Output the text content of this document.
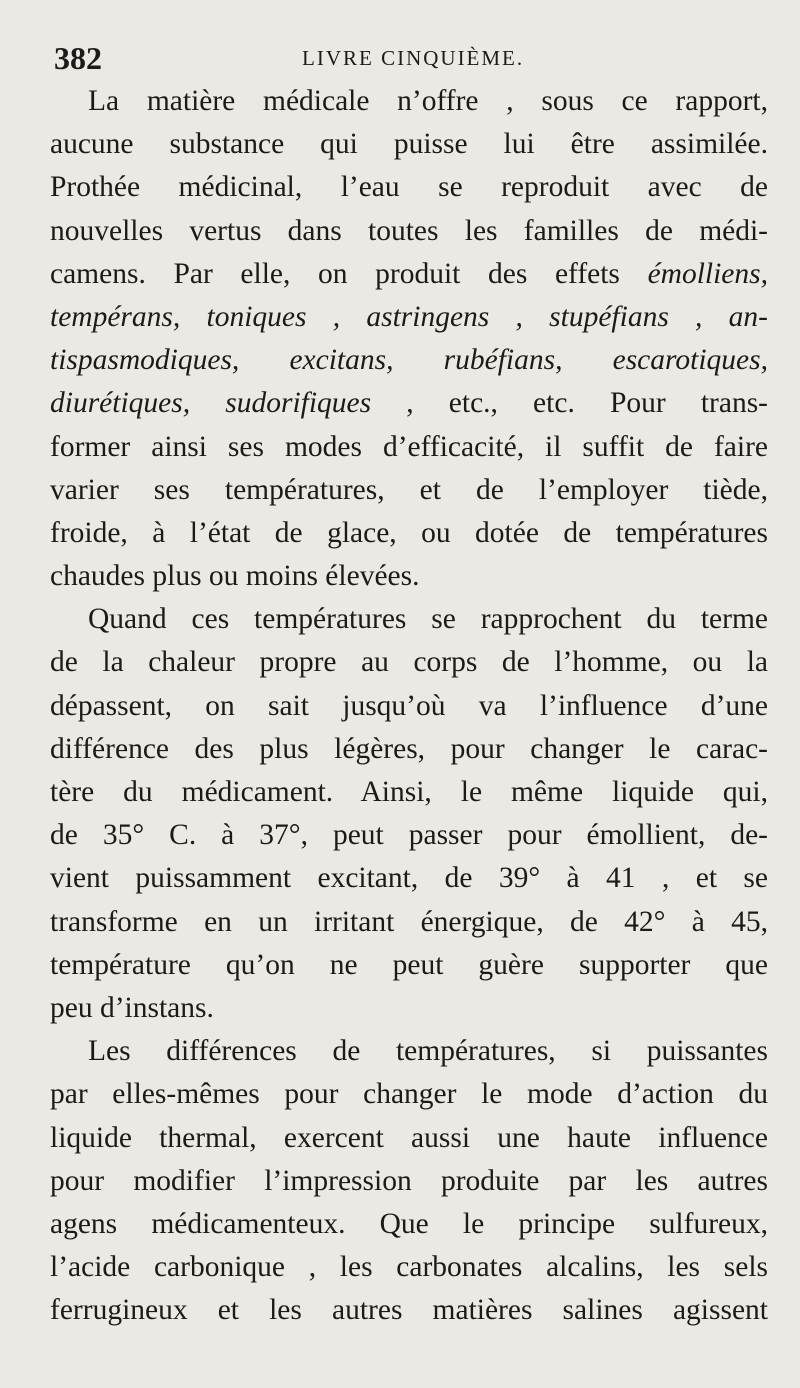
382	LIVRE CINQUIÈME.

La matière médicale n’offre , sous ce rapport,
aucune substance qui puisse lui être assimilée.
Prothée médicinal, l’eau se reproduit avec de
nouvelles vertus dans toutes les familles de médi-
camens. Par elle, on produit des effets émolliens,
tempérans, toniques , astringens , stupéfians , an-
tispasmodiques, excitans, rubéfians, escarotiques,
diurétiques, sudorifiques , etc., etc. Pour trans-
former ainsi ses modes d’efficacité, il suffit de faire
varier ses températures, et de l’employer tiède,
froide, à l’état de glace, ou dotée de températures
chaudes plus ou moins élevées.

Quand ces températures se rapprochent du terme
de la chaleur propre au corps de l’homme, ou la
dépassent, on sait jusqu’où va l’influence d’une
différence des plus légères, pour changer le carac-
tère du médicament. Ainsi, le même liquide qui,
de 35° C. à 37°, peut passer pour émollient, de-
vient puissamment excitant, de 39° à 41 , et se
transforme en un irritant énergique, de 42° à 45,
température qu’on ne peut guère supporter que
peu d’instans.

Les différences de températures, si puissantes
par elles-mêmes pour changer le mode d’action du
liquide thermal, exercent aussi une haute influence
pour modifier l’impression produite par les autres
agens médicamenteux. Que le principe sulfureux,
l’acide carbonique , les carbonates alcalins, les sels
ferrugineux et les autres matières salines agissent
